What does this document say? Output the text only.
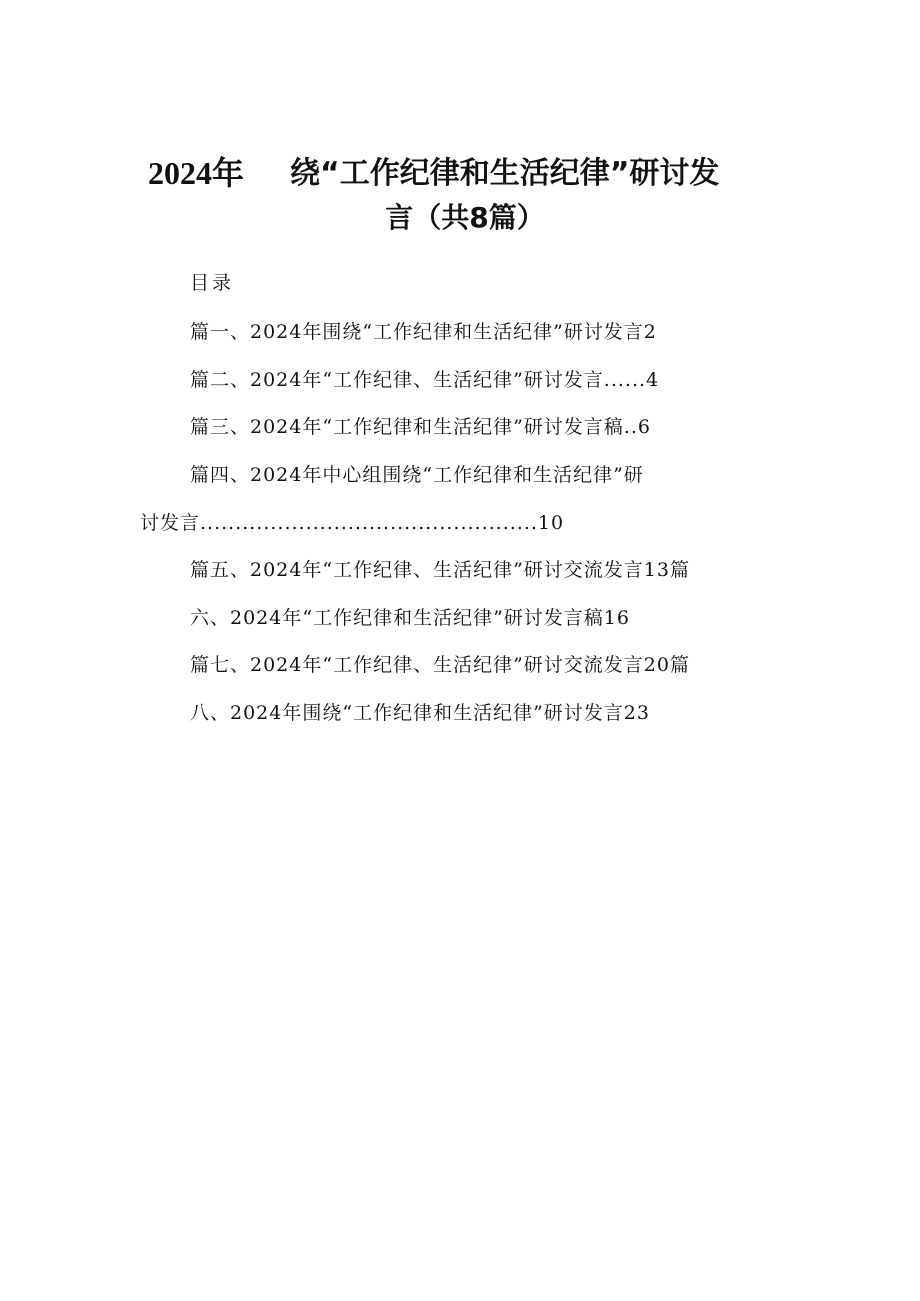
2024年 绕“工作纪律和生活纪律”研讨发
言（共8篇）
目录
篇一、2024年围绕“工作纪律和生活纪律”研讨发言2
篇二、2024年“工作纪律、生活纪律”研讨发言......4
篇三、2024年“工作纪律和生活纪律”研讨发言稿..6
篇四、2024年中心组围绕“工作纪律和生活纪律”研
讨发言................................................10
篇五、2024年“工作纪律、生活纪律”研讨交流发言13篇
六、2024年“工作纪律和生活纪律”研讨发言稿16
篇七、2024年“工作纪律、生活纪律”研讨交流发言20篇
八、2024年围绕“工作纪律和生活纪律”研讨发言23
